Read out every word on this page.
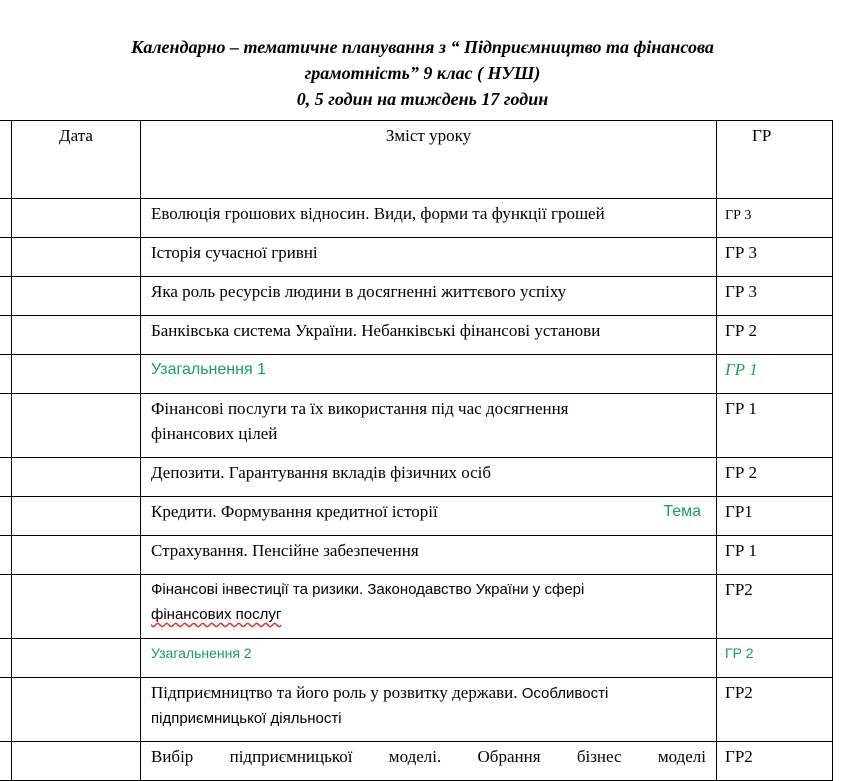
Календарно – тематичне планування з “ Підприємництво та фінансова
грамотність” 9 клас ( НУШ)
0, 5 годин на тиждень 17 годин
	Дата	Зміст уроку	ГР
		Еволюція грошових відносин. Види, форми та функції грошей	ГР 3
		Історія сучасної гривні	ГР 3
		Яка роль ресурсів людини в досягненні життєвого успіху	ГР 3
		Банківська система України. Небанківські фінансові установи	ГР 2
		Узагальнення 1	ГР 1

		Фінансові послуги та їх використання під час досягнення
фінансових цілей	ГР 1
		Депозити. Гарантування вкладів фізичних осіб	ГР 2

		Тема
Кредити. Формування кредитної історії	ГР1
		Страхування. Пенсійне забезпечення	ГР 1

		Фінансові інвестиції та ризики. Законодавство України у сфері
фінансових послуг	ГР2
		Узагальнення 2	ГР 2

		Підприємництво та його роль у розвитку держави. Особливості
підприємницької діяльності	ГР2
		Вибір підприємницької моделі. Обрання бізнес моделі	ГР2
